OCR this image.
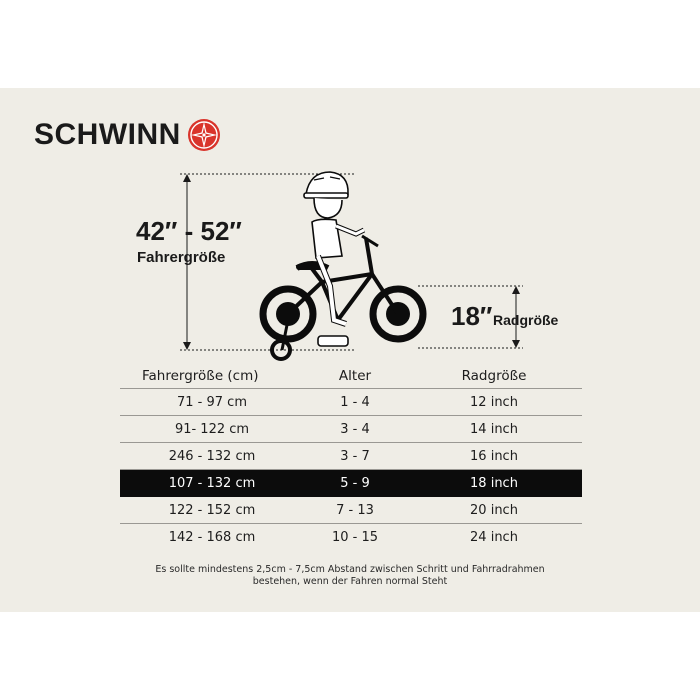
SCHWINN
42″ - 52″
Fahrergröße
18″ Radgröße
Fahrergröße (cm)	Alter	Radgröße
71 - 97 cm	1 - 4	12 inch
91- 122 cm	3 - 4	14 inch
246 - 132 cm	3 - 7	16 inch
107 - 132 cm	5 - 9	18 inch
122 - 152 cm	7 - 13	20 inch
142 - 168 cm	10 - 15	24 inch
Es sollte mindestens 2,5cm - 7,5cm Abstand zwischen Schritt und Fahrradrahmen
bestehen, wenn der Fahren normal Steht
